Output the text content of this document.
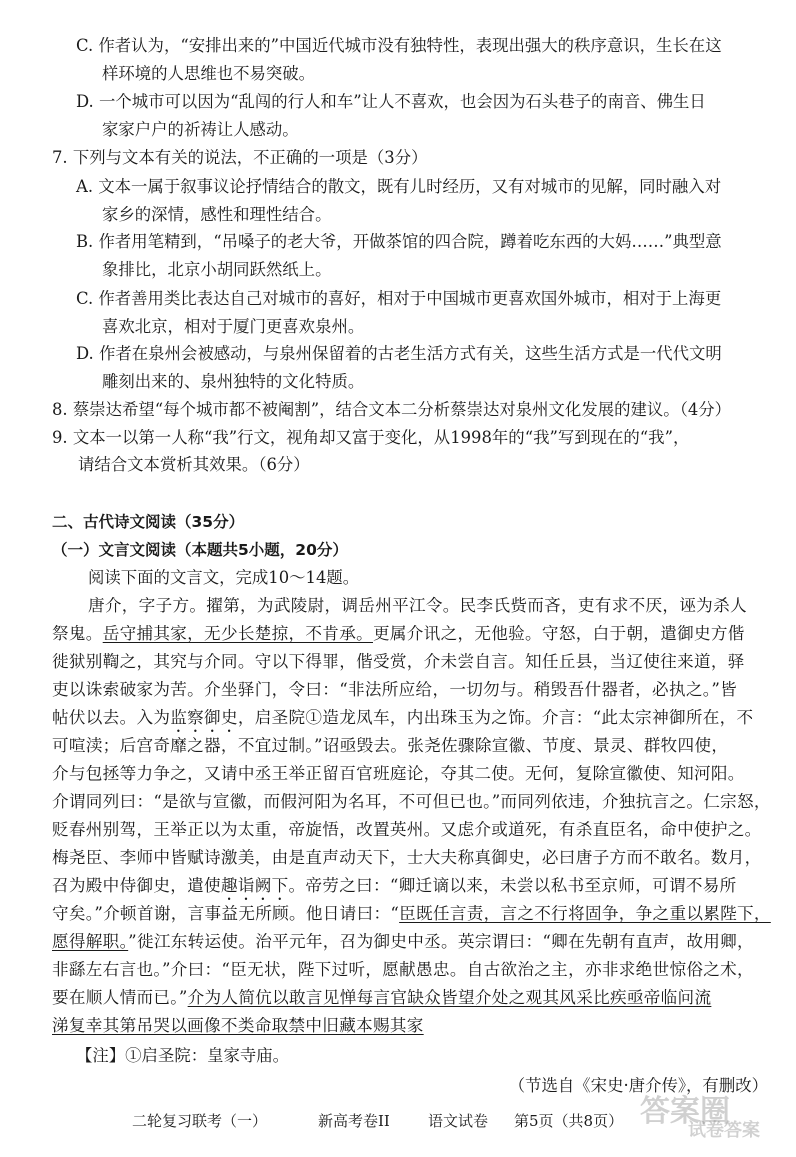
C. 作者认为，“安排出来的”中国近代城市没有独特性，表现出强大的秩序意识，生长在这
样环境的人思维也不易突破。
D. 一个城市可以因为“乱闯的行人和车”让人不喜欢，也会因为石头巷子的南音、佛生日
家家户户的祈祷让人感动。
7. 下列与文本有关的说法，不正确的一项是（3分）
A. 文本一属于叙事议论抒情结合的散文，既有儿时经历，又有对城市的见解，同时融入对
家乡的深情，感性和理性结合。
B. 作者用笔精到，“吊嗓子的老大爷，开做茶馆的四合院，蹲着吃东西的大妈……”典型意
象排比，北京小胡同跃然纸上。
C. 作者善用类比表达自己对城市的喜好，相对于中国城市更喜欢国外城市，相对于上海更
喜欢北京，相对于厦门更喜欢泉州。
D. 作者在泉州会被感动，与泉州保留着的古老生活方式有关，这些生活方式是一代代文明
雕刻出来的、泉州独特的文化特质。
8. 蔡崇达希望“每个城市都不被阉割”，结合文本二分析蔡崇达对泉州文化发展的建议。（4分）
9. 文本一以第一人称“我”行文，视角却又富于变化，从1998年的“我”写到现在的“我”，
请结合文本赏析其效果。（6分）
二、古代诗文阅读（35分）
（一）文言文阅读（本题共5小题，20分）
阅读下面的文言文，完成10～14题。
唐介，字子方。擢第，为武陵尉，调岳州平江令。民李氏赀而吝，吏有求不厌，诬为杀人
祭鬼。岳守捕其家，无少长楚掠，不肯承。更属介讯之，无他验。守怒，白于朝，遣御史方偕
徙狱别鞫之，其究与介同。守以下得罪，偕受赏，介未尝自言。知任丘县，当辽使往来道，驿
吏以诛索破家为苦。介坐驿门，令曰：“非法所应给，一切勿与。稍毁吾什器者，必执之。”皆
帖伏以去。入为监察御史，启圣院①造龙凤车，内出珠玉为之饰。介言：“此太宗神御所在，不
可喧渎；后宫奇靡之器，不宜过制。”诏亟毁去。张尧佐骤除宣徽、节度、景灵、群牧四使，
介与包拯等力争之，又请中丞王举正留百官班庭论，夺其二使。无何，复除宣徽使、知河阳。
介谓同列曰：“是欲与宣徽，而假河阳为名耳，不可但已也。”而同列依违，介独抗言之。仁宗怒，
贬春州别驾，王举正以为太重，帝旋悟，改置英州。又虑介或道死，有杀直臣名，命中使护之。
梅尧臣、李师中皆赋诗激美，由是直声动天下，士大夫称真御史，必曰唐子方而不敢名。数月，
召为殿中侍御史，遣使趣诣阙下。帝劳之曰：“卿迁谪以来，未尝以私书至京师，可谓不易所
守矣。”介顿首谢，言事益无所顾。他日请曰：“臣既任言责，言之不行将固争，争之重以累陛下，
愿得解职。”徙江东转运使。治平元年，召为御史中丞。英宗谓曰：“卿在先朝有直声，故用卿，
非繇左右言也。”介曰：“臣无状，陛下过听，愿献愚忠。自古欲治之主，亦非求绝世惊俗之术，
要在顺人情而已。”介为人简伉以敢言见惮每言官缺众皆望介处之观其风采比疾亟帝临问流
涕复幸其第吊哭以画像不类命取禁中旧藏本赐其家
【注】①启圣院：皇家寺庙。
（节选自《宋史·唐介传》，有删改）
二轮复习联考（一）	新高考卷II	语文试卷 第5页（共8页） 答案圈
试卷答案
